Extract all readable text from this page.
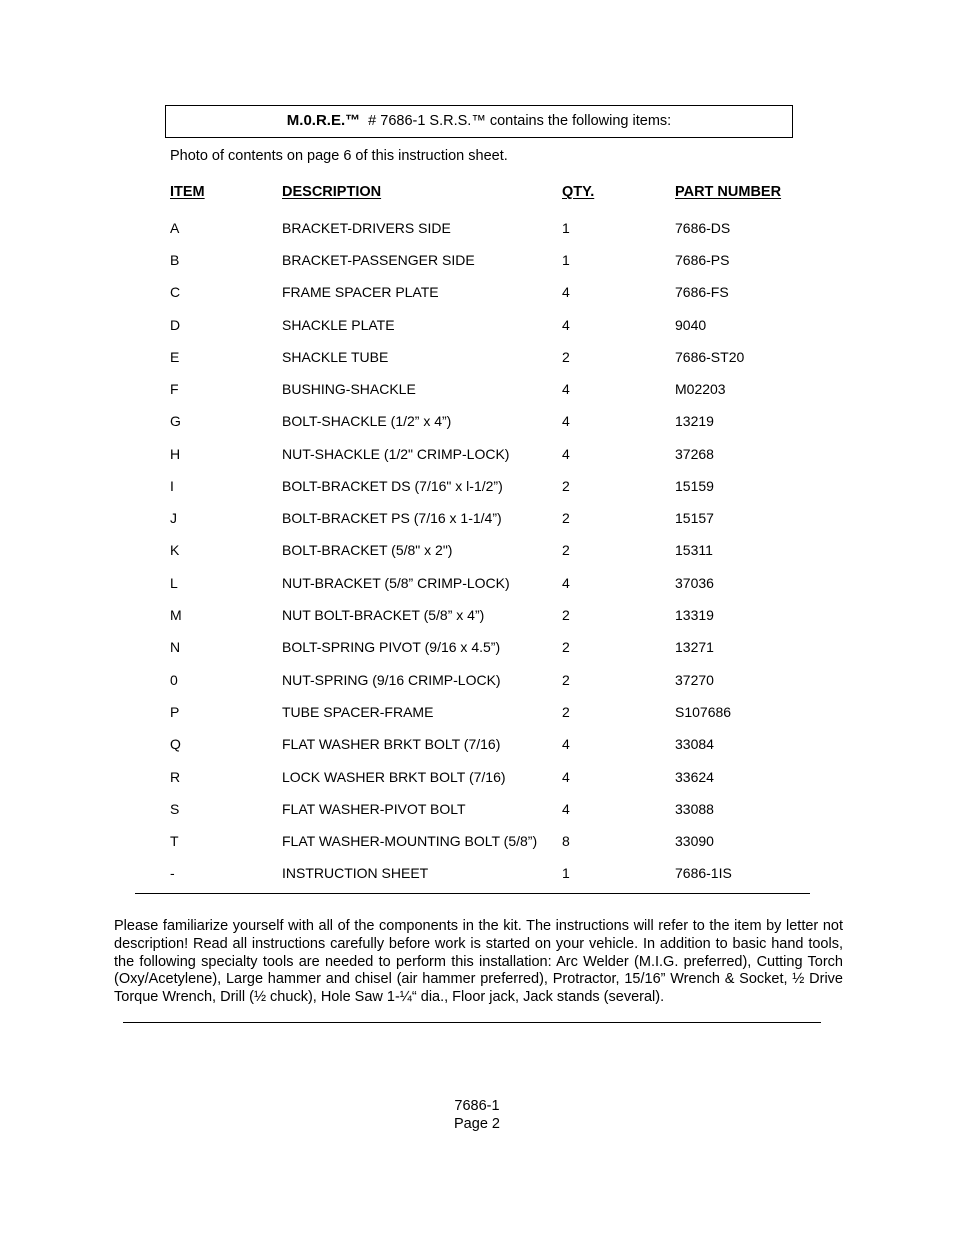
M.0.R.E.™ # 7686-1 S.R.S.™ contains the following items:
Photo of contents on page 6 of this instruction sheet.
ITEM	DESCRIPTION	QTY.	PART NUMBER
A	BRACKET-DRIVERS SIDE	1	7686-DS
B	BRACKET-PASSENGER SIDE	1	7686-PS
C	FRAME SPACER PLATE	4	7686-FS
D	SHACKLE PLATE	4	9040
E	SHACKLE TUBE	2	7686-ST20
F	BUSHING-SHACKLE	4	M02203
G	BOLT-SHACKLE (1/2” x 4”)	4	13219
H	NUT-SHACKLE (1/2" CRIMP-LOCK)	4	37268
I	BOLT-BRACKET DS (7/16" x l-1/2”)	2	15159
J	BOLT-BRACKET PS (7/16 x 1-1/4”)	2	15157
K	BOLT-BRACKET (5/8" x 2")	2	15311
L	NUT-BRACKET (5/8” CRIMP-LOCK)	4	37036
M	NUT BOLT-BRACKET (5/8” x 4”)	2	13319
N	BOLT-SPRING PIVOT (9/16 x 4.5”)	2	13271
0	NUT-SPRING (9/16 CRIMP-LOCK)	2	37270
P	TUBE SPACER-FRAME	2	S107686
Q	FLAT WASHER BRKT BOLT (7/16)	4	33084
R	LOCK WASHER BRKT BOLT (7/16)	4	33624
S	FLAT WASHER-PIVOT BOLT	4	33088
T	FLAT WASHER-MOUNTING BOLT (5/8”) 8	33090
-	INSTRUCTION SHEET	1	7686-1IS
Please familiarize yourself with all of the components in the kit. The instructions will refer to the item by letter not description! Read all instructions carefully before work is started on your vehicle. In addition to basic hand tools, the following specialty tools are needed to perform this installation: Arc Welder (M.I.G. preferred), Cutting Torch (Oxy/Acetylene), Large hammer and chisel (air hammer preferred), Protractor, 15/16” Wrench & Socket, ½ Drive Torque Wrench, Drill (½ chuck), Hole Saw 1-¼“ dia., Floor jack, Jack stands (several).
7686-1
Page 2
